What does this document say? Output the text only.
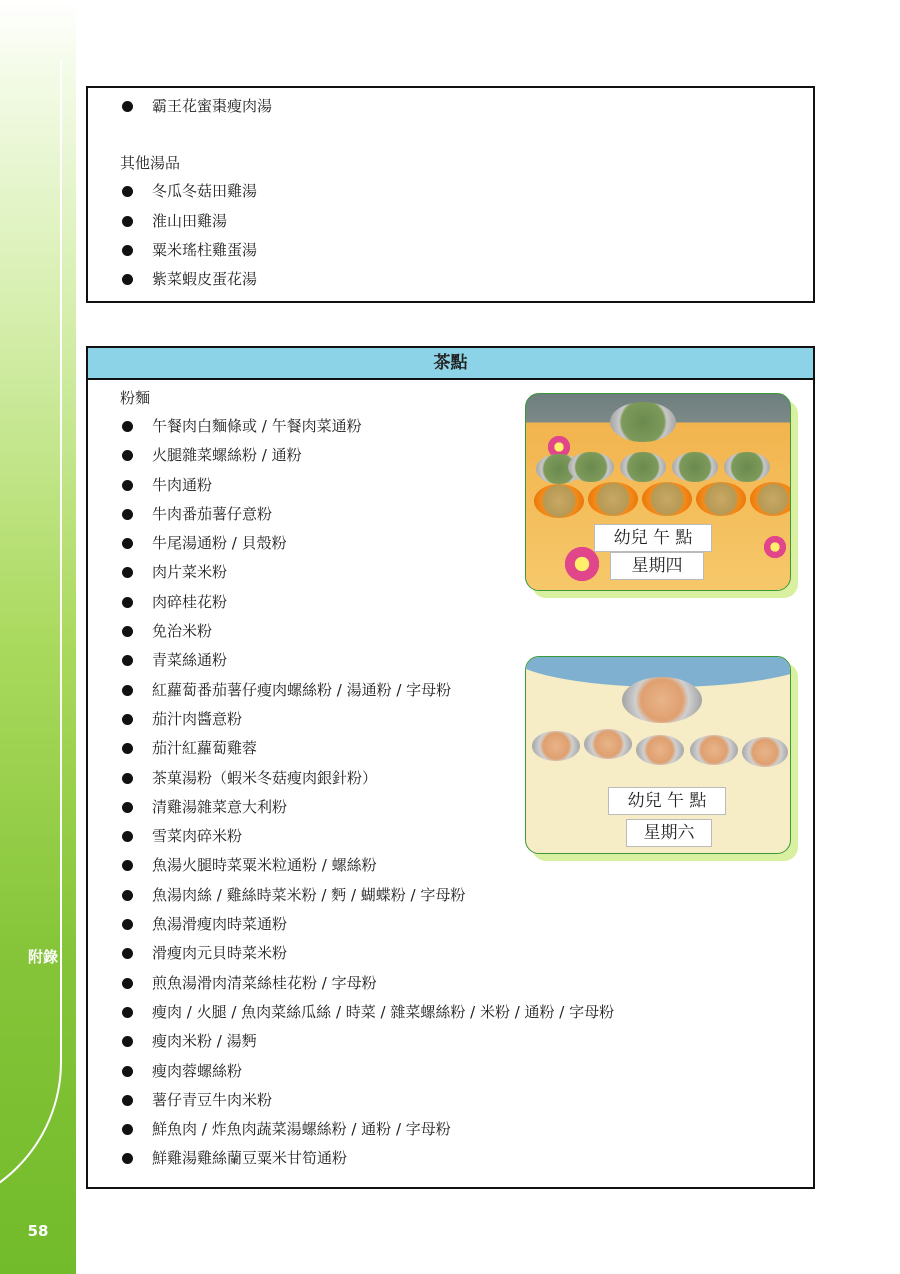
附錄
58
霸王花蜜棗瘦肉湯
其他湯品
冬瓜冬菇田雞湯
淮山田雞湯
粟米瑤柱雞蛋湯
紫菜蝦皮蛋花湯
茶點
粉麵
午餐肉白麵條或 / 午餐肉菜通粉
火腿雜菜螺絲粉 / 通粉
牛肉通粉
牛肉番茄薯仔意粉
牛尾湯通粉 / 貝殼粉
肉片菜米粉
肉碎桂花粉
免治米粉
青菜絲通粉
紅蘿蔔番茄薯仔瘦肉螺絲粉 / 湯通粉 / 字母粉
茄汁肉醬意粉
茄汁紅蘿蔔雞蓉
茶菓湯粉（蝦米冬菇瘦肉銀針粉）
清雞湯雜菜意大利粉
雪菜肉碎米粉
魚湯火腿時菜粟米粒通粉 / 螺絲粉
魚湯肉絲 / 雞絲時菜米粉 / 麪 / 蝴蝶粉 / 字母粉
魚湯滑瘦肉時菜通粉
滑瘦肉元貝時菜米粉
煎魚湯滑肉清菜絲桂花粉 / 字母粉
瘦肉 / 火腿 / 魚肉菜絲瓜絲 / 時菜 / 雜菜螺絲粉 / 米粉 / 通粉 / 字母粉
瘦肉米粉 / 湯麪
瘦肉蓉螺絲粉
薯仔青豆牛肉米粉
鮮魚肉 / 炸魚肉蔬菜湯螺絲粉 / 通粉 / 字母粉
鮮雞湯雞絲蘭豆粟米甘筍通粉
幼兒 午 點
星期四
幼兒 午 點
星期六
